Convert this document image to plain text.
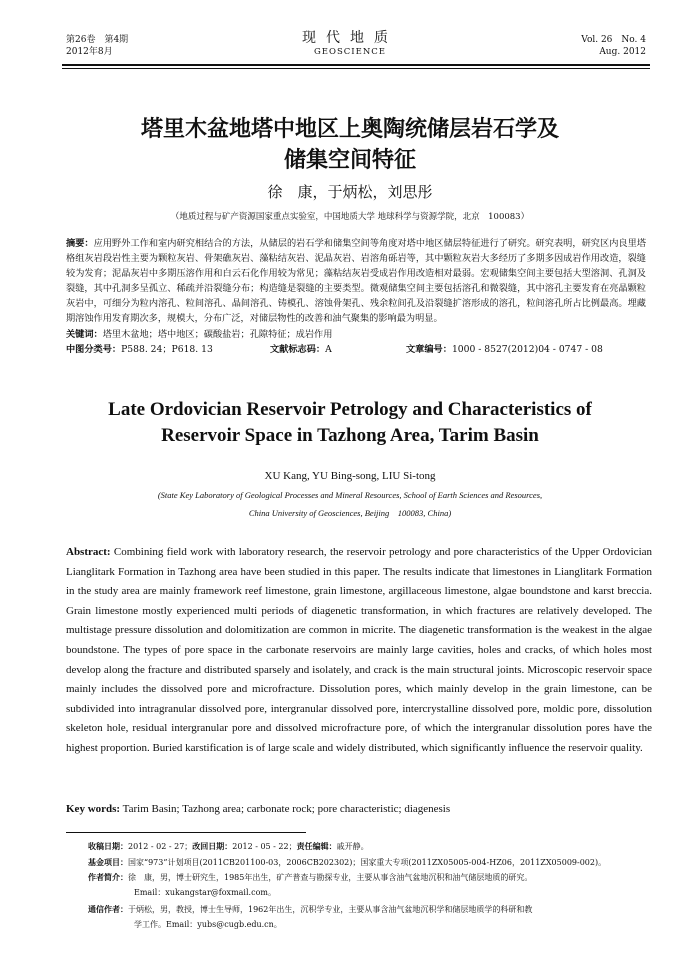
第26卷　第4期
2012年8月
现代地质
GEOSCIENCE
Vol. 26　No. 4
Aug. 2012
塔里木盆地塔中地区上奥陶统储层岩石学及
储集空间特征
徐　康，于炳松，刘思彤
（地质过程与矿产资源国家重点实验室，中国地质大学 地球科学与资源学院，北京　100083）
摘要：应用野外工作和室内研究相结合的方法，从储层的岩石学和储集空间等角度对塔中地区储层特征进行了研究。研究表明，研究区内良里塔格组灰岩段岩性主要为颗粒灰岩、骨架礁灰岩、藻粘结灰岩、泥晶灰岩、岩溶角砾岩等，其中颗粒灰岩大多经历了多期多因成岩作用改造，裂缝较为发育；泥晶灰岩中多期压溶作用和白云石化作用较为常见；藻粘结灰岩受成岩作用改造相对最弱。宏观储集空间主要包括大型溶洞、孔洞及裂缝，其中孔洞多呈孤立、稀疏并沿裂缝分布；构造缝是裂缝的主要类型。微观储集空间主要包括溶孔和微裂缝，其中溶孔主要发育在亮晶颗粒灰岩中，可细分为粒内溶孔、粒间溶孔、晶间溶孔、铸模孔、溶蚀骨架孔、残余粒间孔及沿裂缝扩溶形成的溶孔，粒间溶孔所占比例最高。埋藏期溶蚀作用发育期次多，规模大，分布广泛，对储层物性的改善和油气聚集的影响最为明显。
关键词：塔里木盆地；塔中地区；碳酸盐岩；孔隙特征；成岩作用
中图分类号：P588. 24；P618. 13	文献标志码：A	文章编号：1000 - 8527(2012)04 - 0747 - 08
Late Ordovician Reservoir Petrology and Characteristics of
Reservoir Space in Tazhong Area, Tarim Basin
XU Kang, YU Bing-song, LIU Si-tong
(State Key Laboratory of Geological Processes and Mineral Resources, School of Earth Sciences and Resources,
China University of Geosciences, Beijing　100083, China)
Abstract: Combining field work with laboratory research, the reservoir petrology and pore characteristics of the Upper Ordovician Lianglitark Formation in Tazhong area have been studied in this paper. The results indicate that limestones in Lianglitark Formation in the study area are mainly framework reef limestone, grain limestone, argillaceous limestone, algae boundstone and karst breccia. Grain limestone mostly experienced multi periods of diagenetic transformation, in which fractures are relatively developed. The multistage pressure dissolution and dolomitization are common in micrite. The diagenetic transformation is the weakest in the algae boundstone. The types of pore space in the carbonate reservoirs are mainly large cavities, holes and cracks, of which holes most develop along the fracture and distributed sparsely and isolately, and crack is the main structural joints. Microscopic reservoir space mainly includes the dissolved pore and microfracture. Dissolution pores, which mainly develop in the grain limestone, can be subdivided into intragranular dissolved pore, intergranular dissolved pore, intercrystalline dissolved pore, moldic pore, dissolution skeleton hole, residual intergranular pore and dissolved microfracture pore, of which the intergranular dissolution pores have the highest proportion. Buried karstification is of large scale and widely distributed, which significantly influence the reservoir quality.
Key words: Tarim Basin; Tazhong area; carbonate rock; pore characteristic; diagenesis
收稿日期：2012 - 02 - 27；改回日期：2012 - 05 - 22；责任编辑：戚开静。
基金项目：国家“973”计划项目(2011CB201100-03，2006CB202302)；国家重大专项(2011ZX05005-004-HZ06，2011ZX05009-002)。
作者简介：徐　康，男，博士研究生，1985年出生，矿产普查与勘探专业，主要从事含油气盆地沉积和油气储层地质的研究。
Email：xukangstar@foxmail.com。
通信作者：于炳松，男，教授，博士生导师，1962年出生，沉积学专业，主要从事含油气盆地沉积学和储层地质学的科研和教
学工作。Email：yubs@cugb.edu.cn。
